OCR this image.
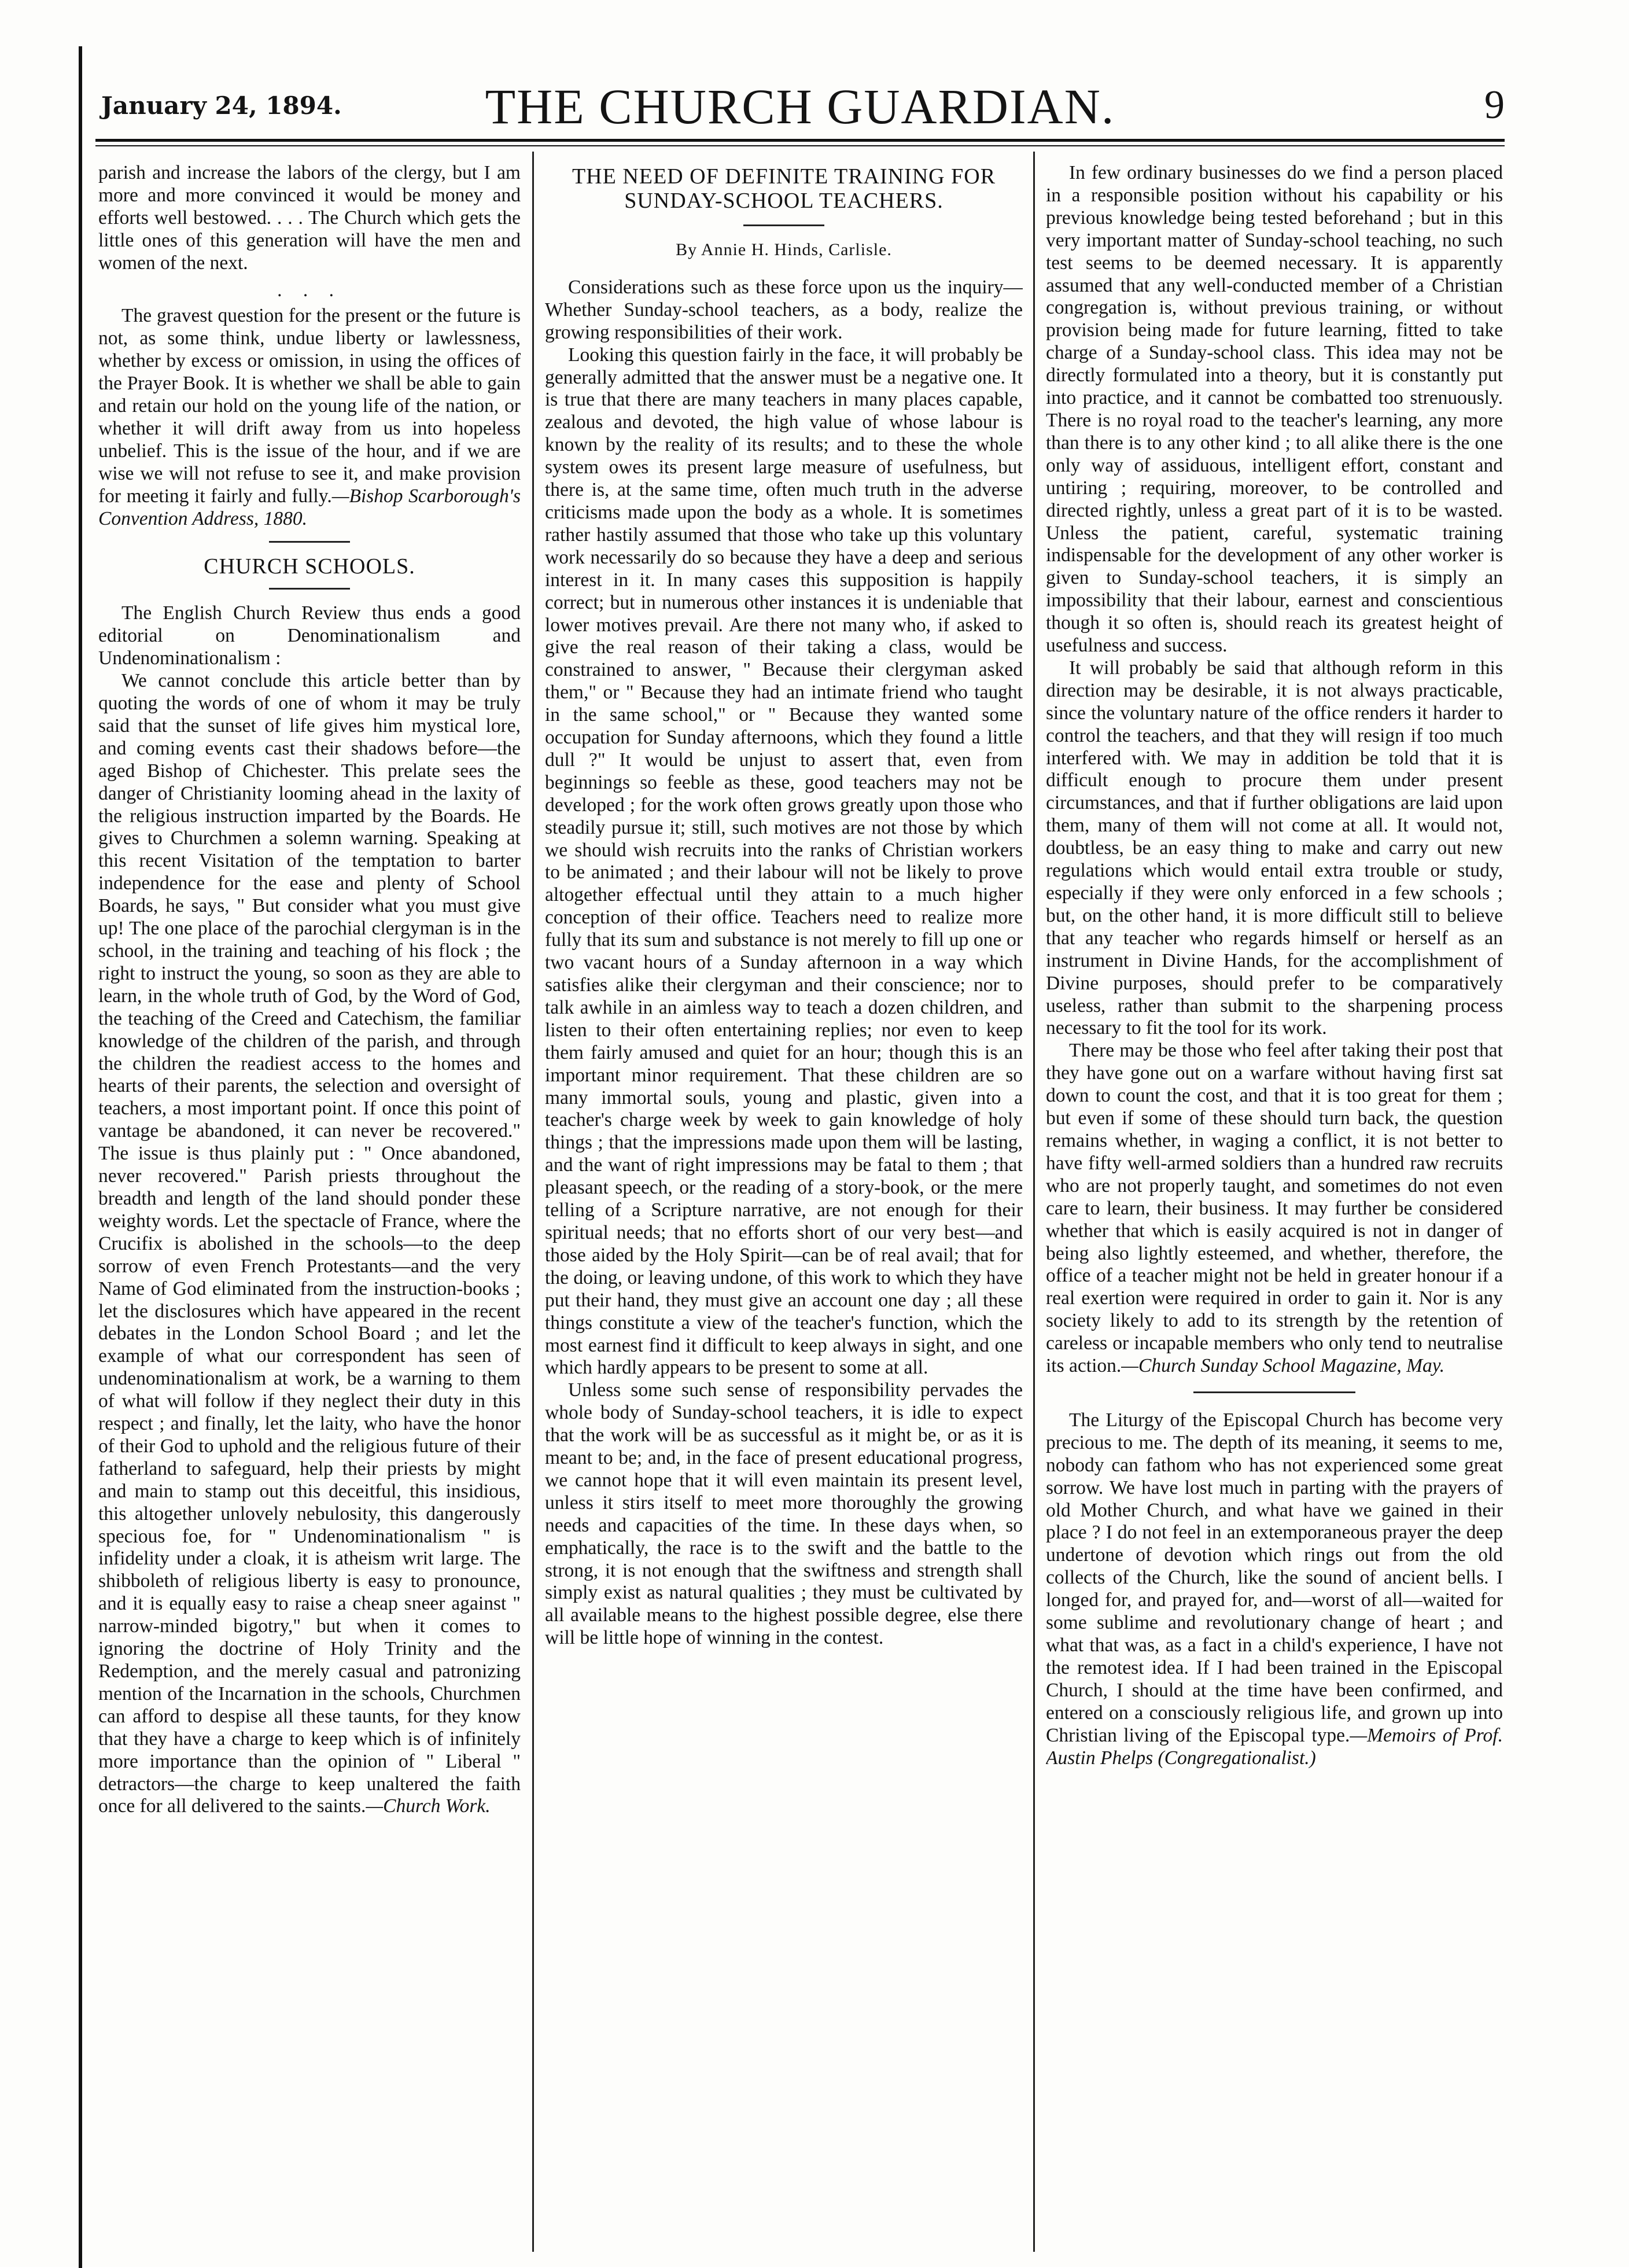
January 24, 1894.	THE CHURCH GUARDIAN.	9

parish and increase the labors of the clergy, but I am more and more convinced it would be money and efforts well bestowed. . . . The Church which gets the little ones of this generation will have the men and women of the next.

. . .

The gravest question for the present or the future is not, as some think, undue liberty or lawlessness, whether by excess or omission, in using the offices of the Prayer Book. It is whether we shall be able to gain and retain our hold on the young life of the nation, or whether it will drift away from us into hopeless unbelief. This is the issue of the hour, and if we are wise we will not refuse to see it, and make provision for meeting it fairly and fully.—Bishop Scarborough's Convention Address, 1880.

CHURCH SCHOOLS.

The English Church Review thus ends a good editorial on Denominationalism and Undenominationalism :

We cannot conclude this article better than by quoting the words of one of whom it may be truly said that the sunset of life gives him mystical lore, and coming events cast their shadows before—the aged Bishop of Chichester. This prelate sees the danger of Christianity looming ahead in the laxity of the religious instruction imparted by the Boards. He gives to Churchmen a solemn warning. Speaking at this recent Visitation of the temptation to barter independence for the ease and plenty of School Boards, he says, " But consider what you must give up! The one place of the parochial clergyman is in the school, in the training and teaching of his flock ; the right to instruct the young, so soon as they are able to learn, in the whole truth of God, by the Word of God, the teaching of the Creed and Catechism, the familiar knowledge of the children of the parish, and through the children the readiest access to the homes and hearts of their parents, the selection and oversight of teachers, a most important point. If once this point of vantage be abandoned, it can never be recovered." The issue is thus plainly put : " Once abandoned, never recovered." Parish priests throughout the breadth and length of the land should ponder these weighty words. Let the spectacle of France, where the Crucifix is abolished in the schools—to the deep sorrow of even French Protestants—and the very Name of God eliminated from the instruction-books ; let the disclosures which have appeared in the recent debates in the London School Board ; and let the example of what our correspondent has seen of undenominationalism at work, be a warning to them of what will follow if they neglect their duty in this respect ; and finally, let the laity, who have the honor of their God to uphold and the religious future of their fatherland to safeguard, help their priests by might and main to stamp out this deceitful, this insidious, this altogether unlovely nebulosity, this dangerously specious foe, for " Undenominationalism " is infidelity under a cloak, it is atheism writ large. The shibboleth of religious liberty is easy to pronounce, and it is equally easy to raise a cheap sneer against " narrow-minded bigotry," but when it comes to ignoring the doctrine of Holy Trinity and the Redemption, and the merely casual and patronizing mention of the Incarnation in the schools, Churchmen can afford to despise all these taunts, for they know that they have a charge to keep which is of infinitely more importance than the opinion of " Liberal " detractors—the charge to keep unaltered the faith once for all delivered to the saints.—Church Work.

THE NEED OF DEFINITE TRAINING FOR SUNDAY-SCHOOL TEACHERS.
By Annie H. Hinds, Carlisle.

Considerations such as these force upon us the inquiry—Whether Sunday-school teachers, as a body, realize the growing responsibilities of their work.

Looking this question fairly in the face, it will probably be generally admitted that the answer must be a negative one. It is true that there are many teachers in many places capable, zealous and devoted, the high value of whose labour is known by the reality of its results; and to these the whole system owes its present large measure of usefulness, but there is, at the same time, often much truth in the adverse criticisms made upon the body as a whole. It is sometimes rather hastily assumed that those who take up this voluntary work necessarily do so because they have a deep and serious interest in it. In many cases this supposition is happily correct; but in numerous other instances it is undeniable that lower motives prevail. Are there not many who, if asked to give the real reason of their taking a class, would be constrained to answer, " Because their clergyman asked them," or " Because they had an intimate friend who taught in the same school," or " Because they wanted some occupation for Sunday afternoons, which they found a little dull ?" It would be unjust to assert that, even from beginnings so feeble as these, good teachers may not be developed ; for the work often grows greatly upon those who steadily pursue it; still, such motives are not those by which we should wish recruits into the ranks of Christian workers to be animated ; and their labour will not be likely to prove altogether effectual until they attain to a much higher conception of their office. Teachers need to realize more fully that its sum and substance is not merely to fill up one or two vacant hours of a Sunday afternoon in a way which satisfies alike their clergyman and their conscience; nor to talk awhile in an aimless way to teach a dozen children, and listen to their often entertaining replies; nor even to keep them fairly amused and quiet for an hour; though this is an important minor requirement. That these children are so many immortal souls, young and plastic, given into a teacher's charge week by week to gain knowledge of holy things ; that the impressions made upon them will be lasting, and the want of right impressions may be fatal to them ; that pleasant speech, or the reading of a story-book, or the mere telling of a Scripture narrative, are not enough for their spiritual needs; that no efforts short of our very best—and those aided by the Holy Spirit—can be of real avail; that for the doing, or leaving undone, of this work to which they have put their hand, they must give an account one day ; all these things constitute a view of the teacher's function, which the most earnest find it difficult to keep always in sight, and one which hardly appears to be present to some at all.

Unless some such sense of responsibility pervades the whole body of Sunday-school teachers, it is idle to expect that the work will be as successful as it might be, or as it is meant to be; and, in the face of present educational progress, we cannot hope that it will even maintain its present level, unless it stirs itself to meet more thoroughly the growing needs and capacities of the time. In these days when, so emphatically, the race is to the swift and the battle to the strong, it is not enough that the swiftness and strength shall simply exist as natural qualities ; they must be cultivated by all available means to the highest possible degree, else there will be little hope of winning in the contest.

In few ordinary businesses do we find a person placed in a responsible position without his capability or his previous knowledge being tested beforehand ; but in this very important matter of Sunday-school teaching, no such test seems to be deemed necessary. It is apparently assumed that any well-conducted member of a Christian congregation is, without previous training, or without provision being made for future learning, fitted to take charge of a Sunday-school class. This idea may not be directly formulated into a theory, but it is constantly put into practice, and it cannot be combatted too strenuously. There is no royal road to the teacher's learning, any more than there is to any other kind ; to all alike there is the one only way of assiduous, intelligent effort, constant and untiring ; requiring, moreover, to be controlled and directed rightly, unless a great part of it is to be wasted. Unless the patient, careful, systematic training indispensable for the development of any other worker is given to Sunday-school teachers, it is simply an impossibility that their labour, earnest and conscientious though it so often is, should reach its greatest height of usefulness and success.

It will probably be said that although reform in this direction may be desirable, it is not always practicable, since the voluntary nature of the office renders it harder to control the teachers, and that they will resign if too much interfered with. We may in addition be told that it is difficult enough to procure them under present circumstances, and that if further obligations are laid upon them, many of them will not come at all. It would not, doubtless, be an easy thing to make and carry out new regulations which would entail extra trouble or study, especially if they were only enforced in a few schools ; but, on the other hand, it is more difficult still to believe that any teacher who regards himself or herself as an instrument in Divine Hands, for the accomplishment of Divine purposes, should prefer to be comparatively useless, rather than submit to the sharpening process necessary to fit the tool for its work.

There may be those who feel after taking their post that they have gone out on a warfare without having first sat down to count the cost, and that it is too great for them ; but even if some of these should turn back, the question remains whether, in waging a conflict, it is not better to have fifty well-armed soldiers than a hundred raw recruits who are not properly taught, and sometimes do not even care to learn, their business. It may further be considered whether that which is easily acquired is not in danger of being also lightly esteemed, and whether, therefore, the office of a teacher might not be held in greater honour if a real exertion were required in order to gain it. Nor is any society likely to add to its strength by the retention of careless or incapable members who only tend to neutralise its action.—Church Sunday School Magazine, May.

The Liturgy of the Episcopal Church has become very precious to me. The depth of its meaning, it seems to me, nobody can fathom who has not experienced some great sorrow. We have lost much in parting with the prayers of old Mother Church, and what have we gained in their place ? I do not feel in an extemporaneous prayer the deep undertone of devotion which rings out from the old collects of the Church, like the sound of ancient bells. I longed for, and prayed for, and—worst of all—waited for some sublime and revolutionary change of heart ; and what that was, as a fact in a child's experience, I have not the remotest idea. If I had been trained in the Episcopal Church, I should at the time have been confirmed, and entered on a consciously religious life, and grown up into Christian living of the Episcopal type.—Memoirs of Prof. Austin Phelps (Congregationalist.)
